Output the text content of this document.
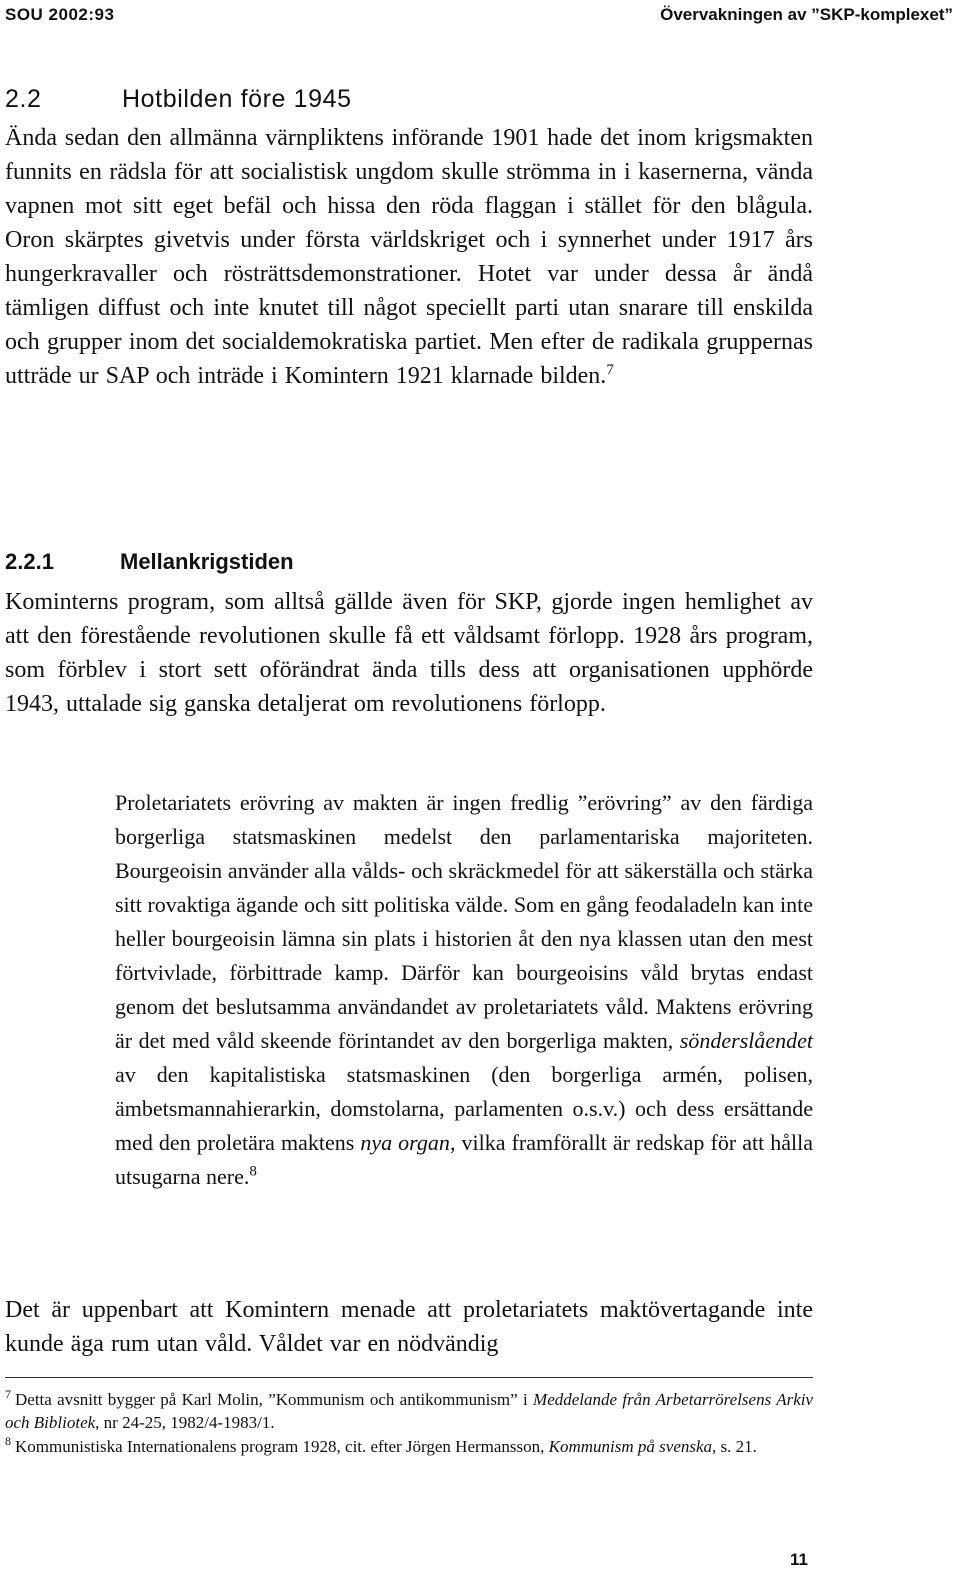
SOU 2002:93	Övervakningen av ”SKP-komplexet”
2.2	Hotbilden före 1945

Ända sedan den allmänna värnpliktens införande 1901 hade det inom krigsmakten funnits en rädsla för att socialistisk ungdom skulle strömma in i kasernerna, vända vapnen mot sitt eget befäl och hissa den röda flaggan i stället för den blågula. Oron skärptes givetvis under första världskriget och i synnerhet under 1917 års hungerkravaller och rösträttsdemonstrationer. Hotet var under dessa år ändå tämligen diffust och inte knutet till något speciellt parti utan snarare till enskilda och grupper inom det socialdemokratiska partiet. Men efter de radikala gruppernas utträde ur SAP och inträde i Komintern 1921 klarnade bilden.$^7$

2.2.1	Mellankrigstiden

Kominterns program, som alltså gällde även för SKP, gjorde ingen hemlighet av att den förestående revolutionen skulle få ett våldsamt förlopp. 1928 års program, som förblev i stort sett oförändrat ända tills dess att organisationen upphörde 1943, uttalade sig ganska detaljerat om revolutionens förlopp.

Proletariatets erövring av makten är ingen fredlig ”erövring” av den färdiga borgerliga statsmaskinen medelst den parlamentariska majoriteten. Bourgeoisin använder alla vålds- och skräckmedel för att säkerställa och stärka sitt rovaktiga ägande och sitt politiska välde. Som en gång feodaladeln kan inte heller bourgeoisin lämna sin plats i historien åt den nya klassen utan den mest förtvivlade, förbittrade kamp. Därför kan bourgeoisins våld brytas endast genom det beslutsamma användandet av proletariatets våld. Maktens erövring är det med våld skeende förintandet av den borgerliga makten, sönderslåendet av den kapitalistiska statsmaskinen (den borgerliga armén, polisen, ämbetsmannahierarkin, domstolarna, parlamenten o.s.v.) och dess ersättande med den proletära maktens nya organ, vilka framförallt är redskap för att hålla utsugarna nere.$^8$

Det är uppenbart att Komintern menade att proletariatets maktövertagande inte kunde äga rum utan våld. Våldet var en nödvändig

$^7$ Detta avsnitt bygger på Karl Molin, ”Kommunism och antikommunism” i Meddelande från Arbetarrörelsens Arkiv och Bibliotek, nr 24-25, 1982/4-1983/1.

$^8$ Kommunistiska Internationalens program 1928, cit. efter Jörgen Hermansson, Kommunism på svenska, s. 21.

11
